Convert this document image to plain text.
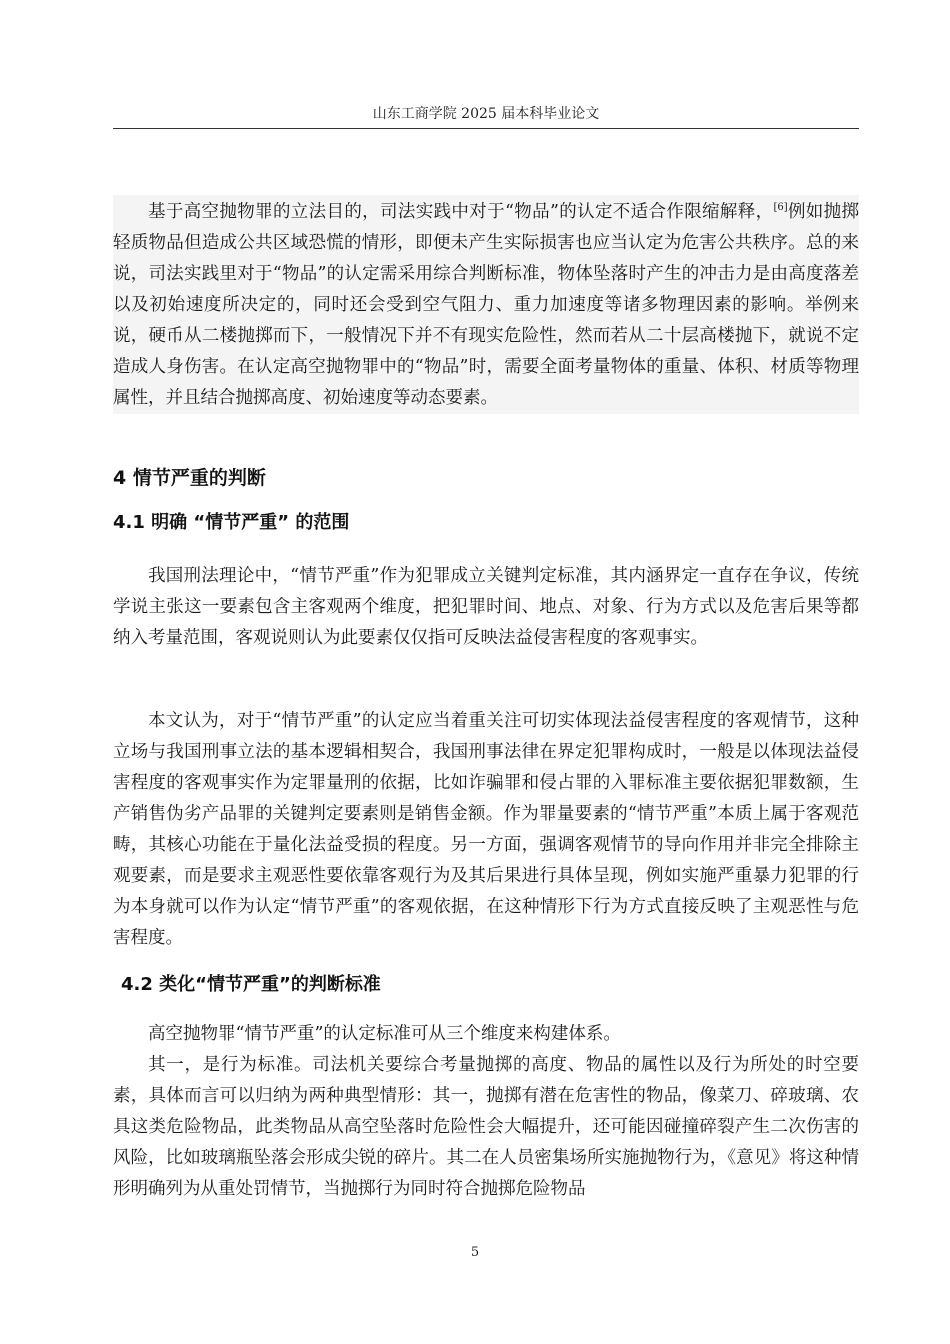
山东工商学院 2025 届本科毕业论文

基于高空抛物罪的立法目的，司法实践中对于“物品”的认定不适合作限缩解释，[6]例如抛掷轻质物品但造成公共区域恐慌的情形，即便未产生实际损害也应当认定为危害公共秩序。总的来说，司法实践里对于“物品”的认定需采用综合判断标准，物体坠落时产生的冲击力是由高度落差以及初始速度所决定的，同时还会受到空气阻力、重力加速度等诸多物理因素的影响。举例来说，硬币从二楼抛掷而下，一般情况下并不有现实危险性，然而若从二十层高楼抛下，就说不定造成人身伤害。在认定高空抛物罪中的“物品”时，需要全面考量物体的重量、体积、材质等物理属性，并且结合抛掷高度、初始速度等动态要素。

4 情节严重的判断
4.1 明确 “情节严重” 的范围

我国刑法理论中，“情节严重”作为犯罪成立关键判定标准，其内涵界定一直存在争议，传统学说主张这一要素包含主客观两个维度，把犯罪时间、地点、对象、行为方式以及危害后果等都纳入考量范围，客观说则认为此要素仅仅指可反映法益侵害程度的客观事实。

本文认为，对于“情节严重”的认定应当着重关注可切实体现法益侵害程度的客观情节，这种立场与我国刑事立法的基本逻辑相契合，我国刑事法律在界定犯罪构成时，一般是以体现法益侵害程度的客观事实作为定罪量刑的依据，比如诈骗罪和侵占罪的入罪标准主要依据犯罪数额，生产销售伪劣产品罪的关键判定要素则是销售金额。作为罪量要素的“情节严重”本质上属于客观范畴，其核心功能在于量化法益受损的程度。另一方面，强调客观情节的导向作用并非完全排除主观要素，而是要求主观恶性要依靠客观行为及其后果进行具体呈现，例如实施严重暴力犯罪的行为本身就可以作为认定“情节严重”的客观依据，在这种情形下行为方式直接反映了主观恶性与危害程度。

4.2 类化“情节严重”的判断标准

高空抛物罪“情节严重”的认定标准可从三个维度来构建体系。

其一，是行为标准。司法机关要综合考量抛掷的高度、物品的属性以及行为所处的时空要素，具体而言可以归纳为两种典型情形：其一，抛掷有潜在危害性的物品，像菜刀、碎玻璃、农具这类危险物品，此类物品从高空坠落时危险性会大幅提升，还可能因碰撞碎裂产生二次伤害的风险，比如玻璃瓶坠落会形成尖锐的碎片。其二在人员密集场所实施抛物行为，《意见》将这种情形明确列为从重处罚情节，当抛掷行为同时符合抛掷危险物品

5
